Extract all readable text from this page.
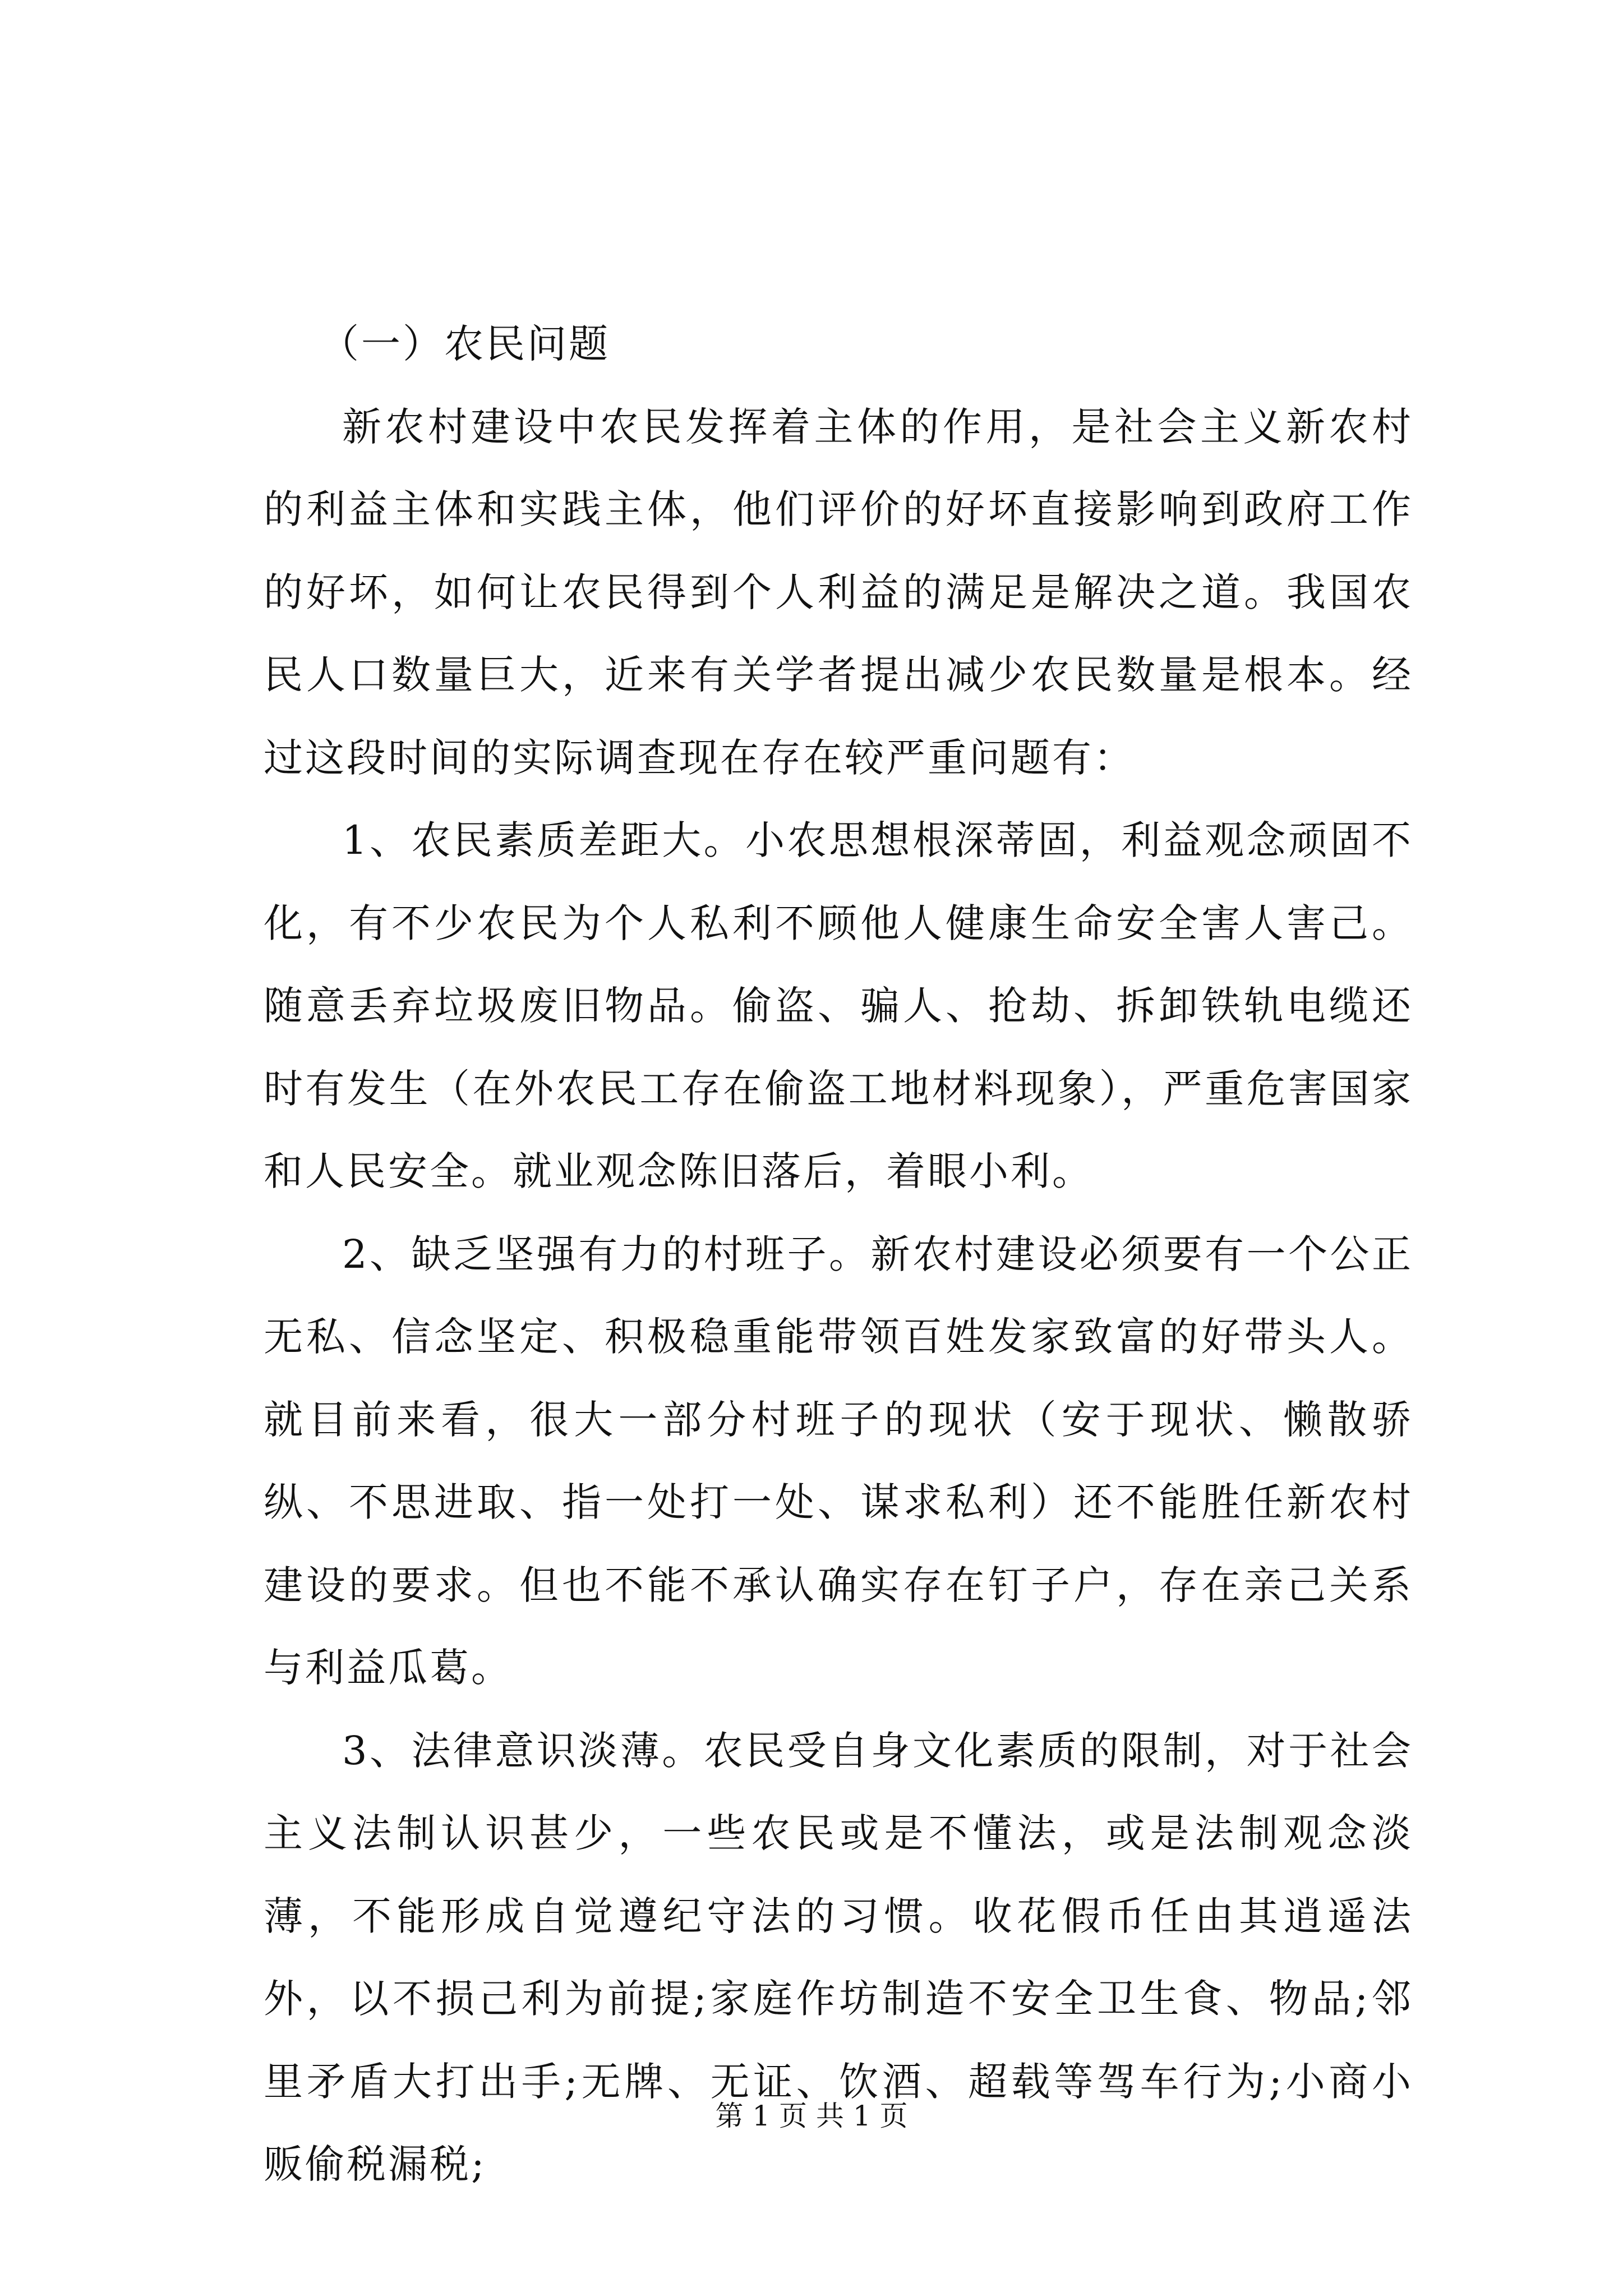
（一）农民问题

新农村建设中农民发挥着主体的作用，是社会主义新农村的利益主体和实践主体，他们评价的好坏直接影响到政府工作的好坏，如何让农民得到个人利益的满足是解决之道。我国农民人口数量巨大，近来有关学者提出减少农民数量是根本。经过这段时间的实际调查现在存在较严重问题有：

1、农民素质差距大。小农思想根深蒂固，利益观念顽固不化，有不少农民为个人私利不顾他人健康生命安全害人害己。随意丢弃垃圾废旧物品。偷盗、骗人、抢劫、拆卸铁轨电缆还时有发生（在外农民工存在偷盗工地材料现象），严重危害国家和人民安全。就业观念陈旧落后，着眼小利。

2、缺乏坚强有力的村班子。新农村建设必须要有一个公正无私、信念坚定、积极稳重能带领百姓发家致富的好带头人。就目前来看，很大一部分村班子的现状（安于现状、懒散骄纵、不思进取、指一处打一处、谋求私利）还不能胜任新农村建设的要求。但也不能不承认确实存在钉子户，存在亲己关系与利益瓜葛。

3、法律意识淡薄。农民受自身文化素质的限制，对于社会主义法制认识甚少，一些农民或是不懂法，或是法制观念淡薄，不能形成自觉遵纪守法的习惯。收花假币任由其逍遥法外，以不损己利为前提;家庭作坊制造不安全卫生食、物品;邻里矛盾大打出手;无牌、无证、饮酒、超载等驾车行为;小商小贩偷税漏税;

第 1 页 共 1 页
